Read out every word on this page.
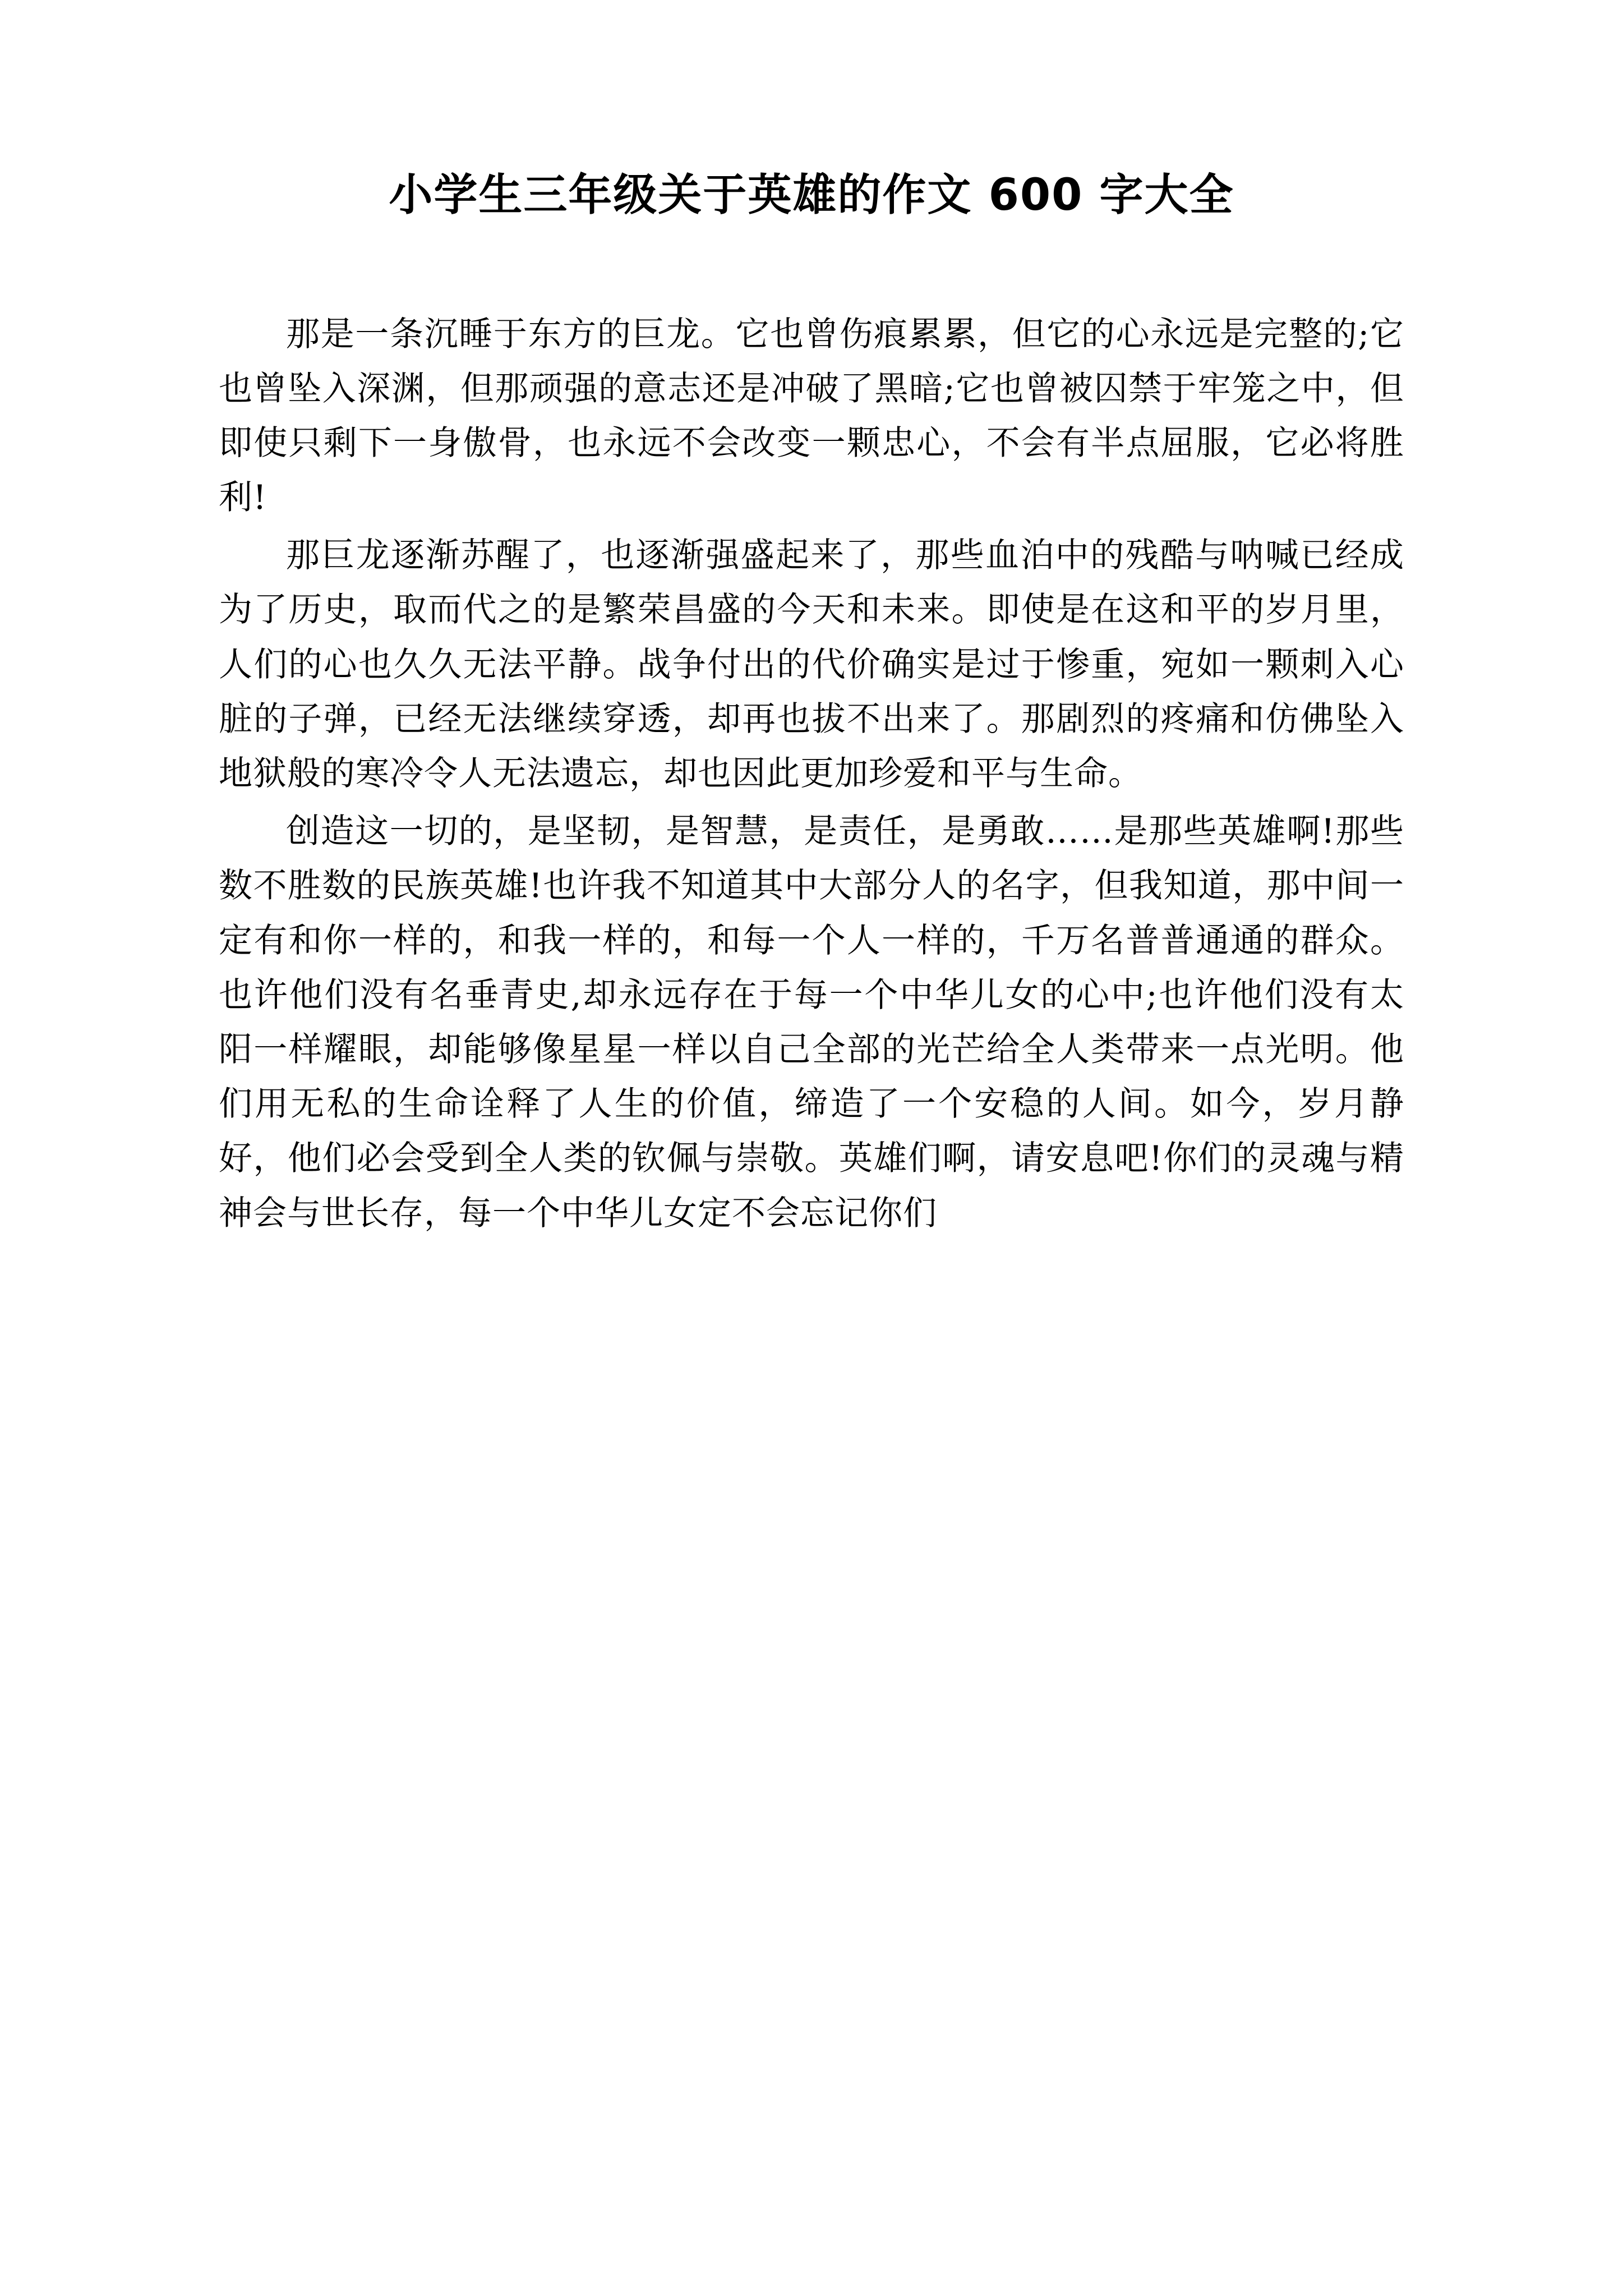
小学生三年级关于英雄的作文 600 字大全

那是一条沉睡于东方的巨龙。它也曾伤痕累累，但它的心永远是完整的;它也曾坠入深渊，但那顽强的意志还是冲破了黑暗;它也曾被囚禁于牢笼之中，但即使只剩下一身傲骨，也永远不会改变一颗忠心，不会有半点屈服，它必将胜利!

那巨龙逐渐苏醒了，也逐渐强盛起来了，那些血泊中的残酷与呐喊已经成为了历史，取而代之的是繁荣昌盛的今天和未来。即使是在这和平的岁月里，人们的心也久久无法平静。战争付出的代价确实是过于惨重，宛如一颗刺入心脏的子弹，已经无法继续穿透，却再也拔不出来了。那剧烈的疼痛和仿佛坠入地狱般的寒冷令人无法遗忘，却也因此更加珍爱和平与生命。

创造这一切的，是坚韧，是智慧，是责任，是勇敢……是那些英雄啊!那些数不胜数的民族英雄!也许我不知道其中大部分人的名字，但我知道，那中间一定有和你一样的，和我一样的，和每一个人一样的，千万名普普通通的群众。也许他们没有名垂青史,却永远存在于每一个中华儿女的心中;也许他们没有太阳一样耀眼，却能够像星星一样以自己全部的光芒给全人类带来一点光明。他们用无私的生命诠释了人生的价值，缔造了一个安稳的人间。如今，岁月静好，他们必会受到全人类的钦佩与崇敬。英雄们啊，请安息吧!你们的灵魂与精神会与世长存，每一个中华儿女定不会忘记你们
